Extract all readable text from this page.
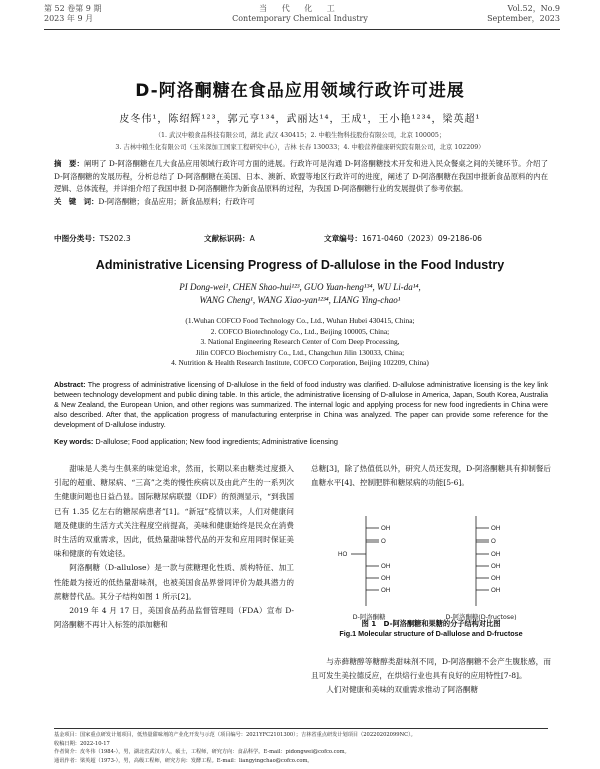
第 52 卷第 9 期
2023 年 9 月
当 代 化 工
Contemporary Chemical Industry
Vol.52，No.9
September，2023
D-阿洛酮糖在食品应用领域行政许可进展
皮冬伟¹，陈绍辉¹²³，郭元亨¹³⁴，武丽达¹⁴，王成¹，王小艳¹²³⁴，梁英超¹
（1. 武汉中粮食品科技有限公司，湖北 武汉 430415；2. 中粮生物科技股份有限公司，北京 100005；
3. 吉林中粮生化有限公司（玉米深加工国家工程研究中心），吉林 长春 130033；4. 中粮营养健康研究院有限公司，北京 102209）
摘　要：阐明了 D-阿洛酮糖在几大食品应用领域行政许可方面的进展。行政许可是沟通 D-阿洛酮糖技术开发和进入民众餐桌之间的关键环节。介绍了 D-阿洛酮糖的发展历程，分析总结了 D-阿洛酮糖在美国、日本、澳新、欧盟等地区行政许可的进度，阐述了 D-阿洛酮糖在我国申报新食品原料的内在逻辑、总体流程，并详细介绍了我国申报 D-阿洛酮糖作为新食品原料的过程，为我国 D-阿洛酮糖行业的发展提供了参考依据。
关　键　词：D-阿洛酮糖；食品应用；新食品原料；行政许可
中图分类号：TS202.3	文献标识码：A	文章编号：1671-0460（2023）09-2186-06
Administrative Licensing Progress of D-allulose in the Food Industry
PI Dong-wei¹, CHEN Shao-hui¹²³, GUO Yuan-heng¹³⁴, WU Li-da¹⁴,
WANG Cheng¹, WANG Xiao-yan¹²³⁴, LIANG Ying-chao¹
(1.Wuhan COFCO Food Technology Co., Ltd., Wuhan Hubei 430415, China;
2. COFCO Biotechnology Co., Ltd., Beijing 100005, China;
3. National Engineering Research Center of Corn Deep Processing,
Jilin COFCO Biochemistry Co., Ltd., Changchun Jilin 130033, China;
4. Nutrition & Health Research Institute, COFCO Corporation, Beijing 102209, China)
Abstract: The progress of administrative licensing of D-allulose in the field of food industry was clarified. D-allulose administrative licensing is the key link between technology development and public dining table. In this article, the administrative licensing of D-allulose in America, Japan, South Korea, Australia & New Zealand, the European Union, and other regions was summarized. The internal logic and applying process for new food ingredients in China were also described. After that, the application progress of manufacturing enterprise in China was analyzed. The paper can provide some reference for the development of D-allulose industry.
Key words: D-allulose; Food application; New food ingredients; Administrative licensing

甜味是人类与生俱来的味觉追求，然而，长期以来由糖类过度摄入引起的超重、糖尿病、“三高”之类的慢性疾病以及由此产生的一系列次生健康问题也日益凸显。国际糖尿病联盟（IDF）的预测显示，“到我国已有 1.35 亿左右的糖尿病患者”[1]。“新冠”疫情以来，人们对健康问题及健康的生活方式关注程度空前提高，美味和健康始终是民众在消费时生活的双重需求，因此，低热量甜味替代品的开发和应用同时保证美味和健康的有效途径。

阿洛酮糖（D-allulose）是一款与蔗糖理化性质、质构特征、加工性能最为接近的低热量甜味剂，也被美国食品界誉同评价为最具潜力的蔗糖替代品。其分子结构如图 1 所示[2]。

2019 年 4 月 17 日，美国食品药品监督管理局（FDA）宣布 D-阿洛酮糖不再计入标签的添加糖和

总糖[3]，除了热值低以外，研究人员还发现，D-阿洛酮糖具有抑制餐后血糖水平[4]、控制肥胖和糖尿病的功能[5-6]。
OH
O
HO
OH
OH
OH
OH
O
OH
OH
OH
OH
D-阿洛酮糖	D-阿洛酮糖(D-fructose)
图 1　D-阿洛酮糖和果糖的分子结构对比图
Fig.1 Molecular structure of D-allulose and D-fructose

与赤藓糖醇等糖醇类甜味剂不同，D-阿洛酮糖不会产生腹胀感，而且可发生美拉德反应，在烘焙行业也具有良好的应用特性[7-8]。

人们对健康和美味的双重需求推动了阿洛酮糖

基金项目：国家重点研发计划项目，低热量甜味剂的产业化开发与示范（项目编号：2021YFC2101300）；吉林省重点研发计划项目（20220202099NC）。
收稿日期：2022-10-17
作者简介：皮冬伟（1984-），男，湖北省武汉市人，硕士，工程师，研究方向：食品科学。E-mail：pidongwei@cofco.com。
通讯作者：梁英超（1973-），男，高级工程师，研究方向：发酵工程。E-mail：liangyingchao@cofco.com。
